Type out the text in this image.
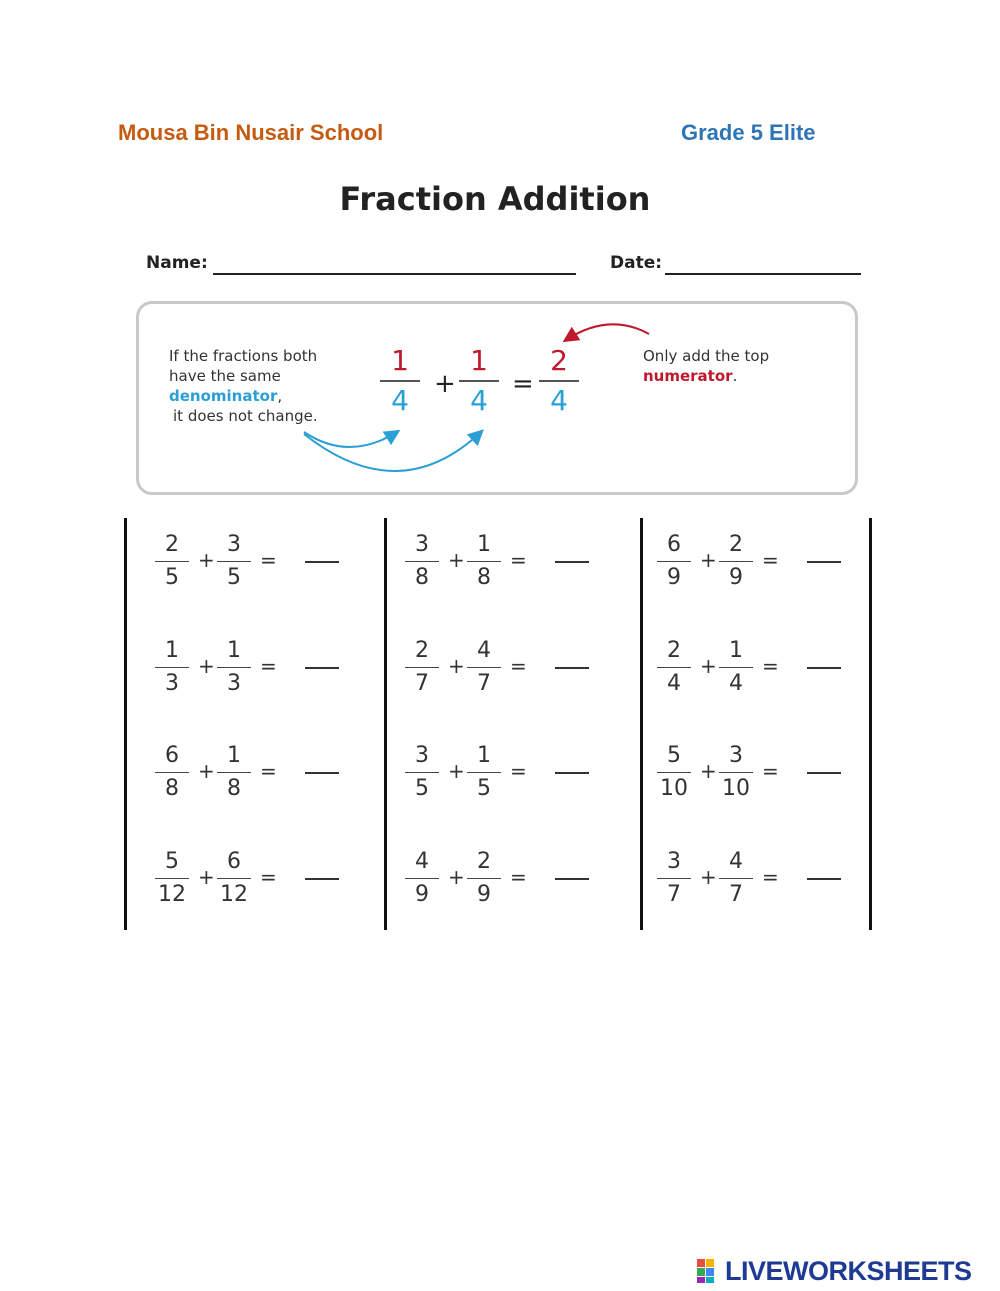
Mousa Bin Nusair School	Grade 5 Elite
Fraction Addition
Name:	Date:
If the fractions both
have the same
denominator,
it does not change.
1
4 +
1
4 =
2
4
Only add the top
numerator.
2
5
+
3
5
=
1
3
+
1
3
=
6
8
+
1
8
=
5
12
+
6
12
=
3
8
+
1
8
=
2
7
+
4
7
=
3
5
+
1
5
=
4
9
+
2
9
=
6
9
+
2
9
=
2
4
+
1
4
=
5
10
+
3
10
=
3
7
+
4
7
=
LIVEWORKSHEETS
